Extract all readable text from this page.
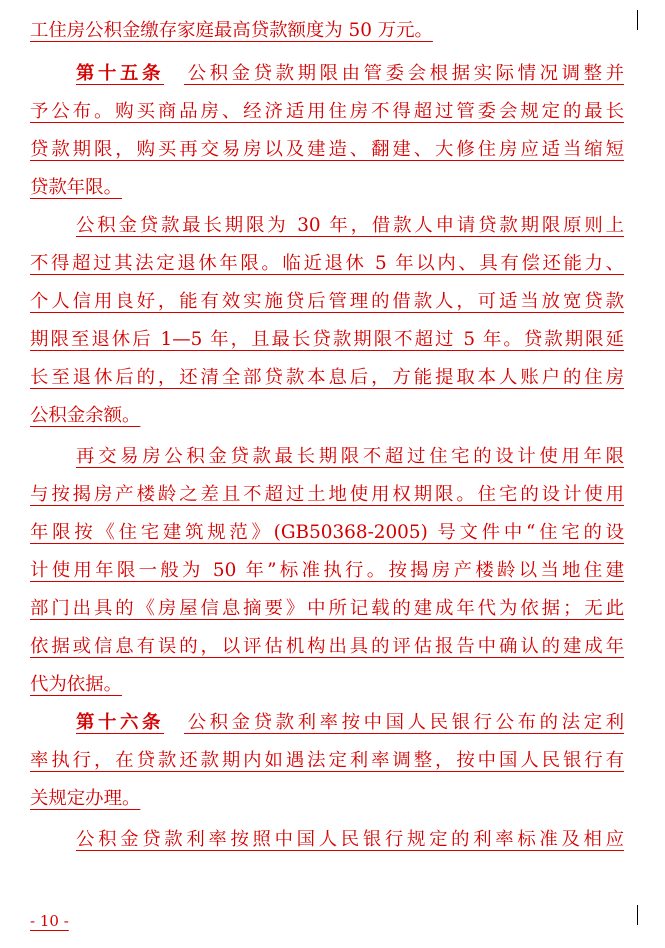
工住房公积金缴存家庭最高贷款额度为 50 万元。
第十五条 公积金贷款期限由管委会根据实际情况调整并
予公布。购买商品房、经济适用住房不得超过管委会规定的最长
贷款期限，购买再交易房以及建造、翻建、大修住房应适当缩短
贷款年限。
公积金贷款最长期限为 30 年，借款人申请贷款期限原则上
不得超过其法定退休年限。临近退休 5 年以内、具有偿还能力、
个人信用良好，能有效实施贷后管理的借款人，可适当放宽贷款
期限至退休后 1—5 年，且最长贷款期限不超过 5 年。贷款期限延
长至退休后的，还清全部贷款本息后，方能提取本人账户的住房
公积金余额。
再交易房公积金贷款最长期限不超过住宅的设计使用年限
与按揭房产楼龄之差且不超过土地使用权期限。住宅的设计使用
年限按《住宅建筑规范》(GB50368-2005) 号文件中“住宅的设
计使用年限一般为 50 年”标准执行。按揭房产楼龄以当地住建
部门出具的《房屋信息摘要》中所记载的建成年代为依据；无此
依据或信息有误的，以评估机构出具的评估报告中确认的建成年
代为依据。
第十六条 公积金贷款利率按中国人民银行公布的法定利
率执行，在贷款还款期内如遇法定利率调整，按中国人民银行有
关规定办理。
公积金贷款利率按照中国人民银行规定的利率标准及相应
- 10 -
